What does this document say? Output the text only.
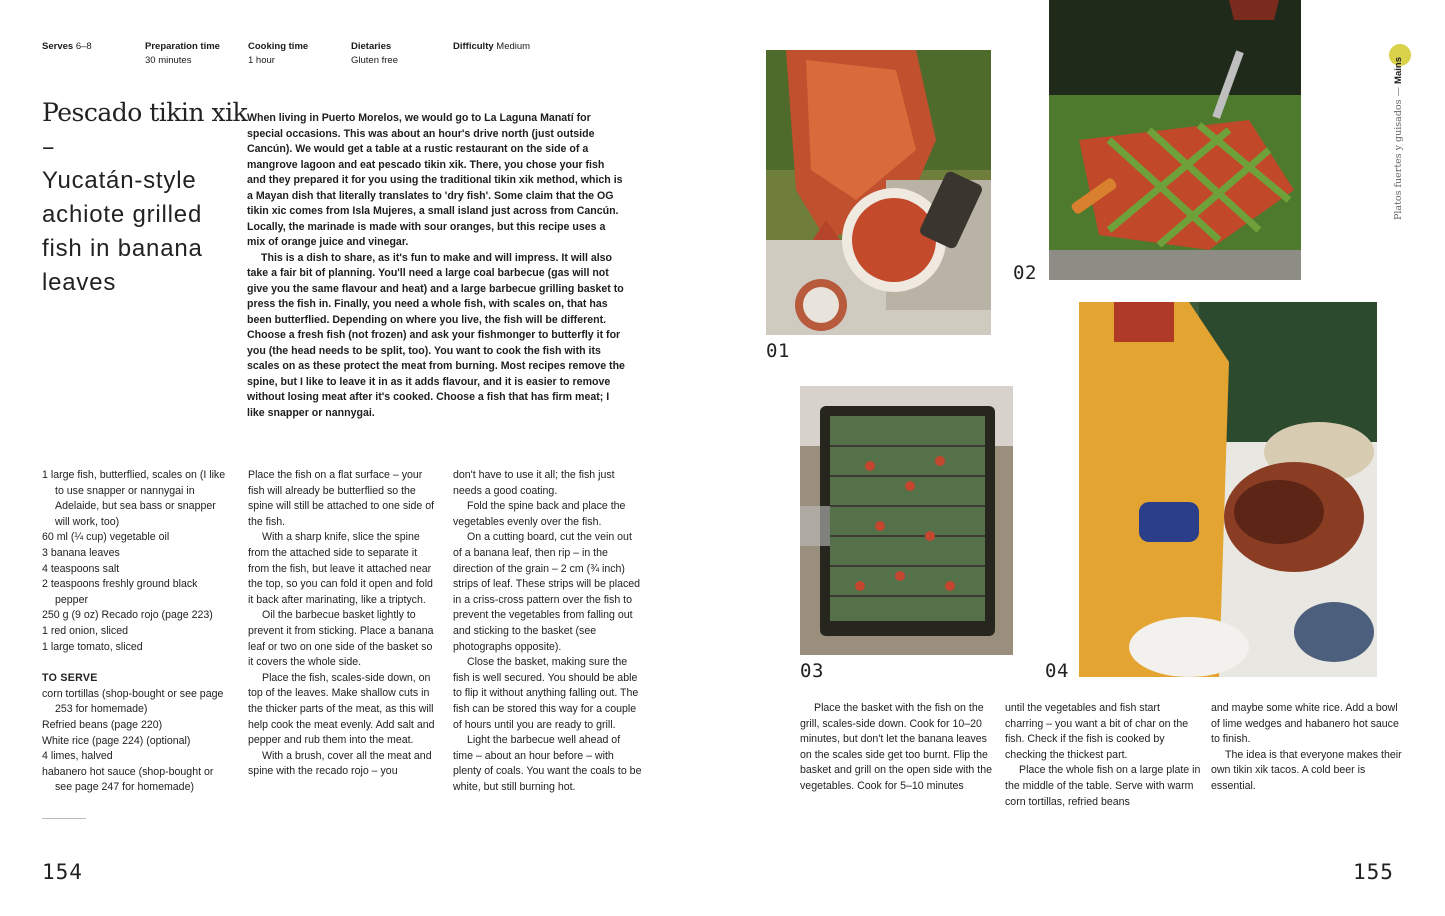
Serves 6–8	Preparation time
30 minutes
Cooking time
1 hour
Dietaries
Gluten free
Difficulty Medium
Pescado tikin xik
–
Yucatán-style
achiote grilled
fish in banana
leaves

When living in Puerto Morelos, we would go to La Laguna Manatí for special occasions. This was about an hour's drive north (just outside Cancún). We would get a table at a rustic restaurant on the side of a mangrove lagoon and eat pescado tikin xik. There, you chose your fish and they prepared it for you using the traditional tikin xik method, which is a Mayan dish that literally translates to 'dry fish'. Some claim that the OG tikin xic comes from Isla Mujeres, a small island just across from Cancún. Locally, the marinade is made with sour oranges, but this recipe uses a mix of orange juice and vinegar.

This is a dish to share, as it's fun to make and will impress. It will also take a fair bit of planning. You'll need a large coal barbecue (gas will not give you the same flavour and heat) and a large barbecue grilling basket to press the fish in. Finally, you need a whole fish, with scales on, that has been butterflied. Depending on where you live, the fish will be different. Choose a fresh fish (not frozen) and ask your fishmonger to butterfly it for you (the head needs to be split, too). You want to cook the fish with its scales on as these protect the meat from burning. Most recipes remove the spine, but I like to leave it in as it adds flavour, and it is easier to remove without losing meat after it's cooked. Choose a fish that has firm meat; I like snapper or nannygai.

1 large fish, butterflied, scales on (I like to use snapper or nannygai in Adelaide, but sea bass or snapper will work, too)
60 ml (¼ cup) vegetable oil
3 banana leaves
4 teaspoons salt
2 teaspoons freshly ground black pepper
250 g (9 oz) Recado rojo (page 223)
1 red onion, sliced
1 large tomato, sliced
TO SERVE
corn tortillas (shop-bought or see page 253 for homemade)
Refried beans (page 220)
White rice (page 224) (optional)
4 limes, halved
habanero hot sauce (shop-bought or see page 247 for homemade)

Place the fish on a flat surface – your fish will already be butterflied so the spine will still be attached to one side of the fish.

With a sharp knife, slice the spine from the attached side to separate it from the fish, but leave it attached near the top, so you can fold it open and fold it back after marinating, like a triptych.

Oil the barbecue basket lightly to prevent it from sticking. Place a banana leaf or two on one side of the basket so it covers the whole side.

Place the fish, scales-side down, on top of the leaves. Make shallow cuts in the thicker parts of the meat, as this will help cook the meat evenly. Add salt and pepper and rub them into the meat.

With a brush, cover all the meat and spine with the recado rojo – you

don't have to use it all; the fish just needs a good coating.

Fold the spine back and place the vegetables evenly over the fish.

On a cutting board, cut the vein out of a banana leaf, then rip – in the direction of the grain – 2 cm (¾ inch) strips of leaf. These strips will be placed in a criss-cross pattern over the fish to prevent the vegetables from falling out and sticking to the basket (see photographs opposite).

Close the basket, making sure the fish is well secured. You should be able to flip it without anything falling out. The fish can be stored this way for a couple of hours until you are ready to grill.

Light the barbecue well ahead of time – about an hour before – with plenty of coals. You want the coals to be white, but still burning hot.

154
01
02
03	04
Platos fuertes y guisados — Mains

Place the basket with the fish on the grill, scales-side down. Cook for 10–20 minutes, but don't let the banana leaves on the scales side get too burnt. Flip the basket and grill on the open side with the vegetables. Cook for 5–10 minutes

until the vegetables and fish start charring – you want a bit of char on the fish. Check if the fish is cooked by checking the thickest part.

Place the whole fish on a large plate in the middle of the table. Serve with warm corn tortillas, refried beans

and maybe some white rice. Add a bowl of lime wedges and habanero hot sauce to finish.

The idea is that everyone makes their own tikin xik tacos. A cold beer is essential.

155
